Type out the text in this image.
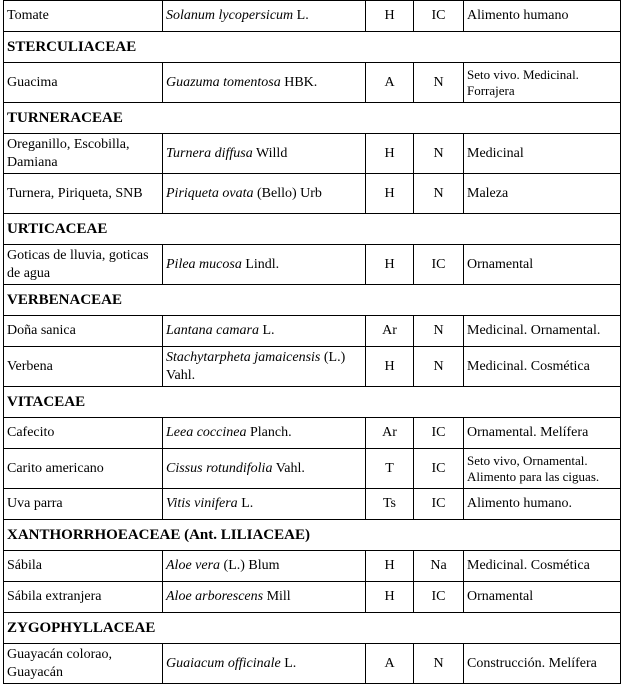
Tomate	Solanum lycopersicum L.	H	IC	Alimento humano
STERCULIACEAE				
Guacima	Guazuma tomentosa HBK.	A	N	Seto vivo. Medicinal. Forrajera
TURNERACEAE				
Oreganillo, Escobilla, Damiana	Turnera diffusa Willd	H	N	Medicinal
Turnera, Piriqueta, SNB	Piriqueta ovata (Bello) Urb	H	N	Maleza
URTICACEAE				
Goticas de lluvia, goticas de agua	Pilea mucosa Lindl.	H	IC	Ornamental
VERBENACEAE				
Doña sanica	Lantana camara L.	Ar	N	Medicinal. Ornamental.
Verbena	Stachytarpheta jamaicensis (L.) Vahl.	H	N	Medicinal. Cosmética
VITACEAE				
Cafecito	Leea coccinea Planch.	Ar	IC	Ornamental. Melífera
Carito americano	Cissus rotundifolia Vahl.	T	IC	Seto vivo, Ornamental. Alimento para las ciguas.
Uva parra	Vitis vinifera L.	Ts	IC	Alimento humano.
XANTHORRHOEACEAE (Ant. LILIACEAE)				
Sábila	Aloe vera (L.) Blum	H	Na	Medicinal. Cosmética
Sábila extranjera	Aloe arborescens Mill	H	IC	Ornamental
ZYGOPHYLLACEAE				
Guayacán colorao, Guayacán	Guaiacum officinale L.	A	N	Construcción. Melífera
